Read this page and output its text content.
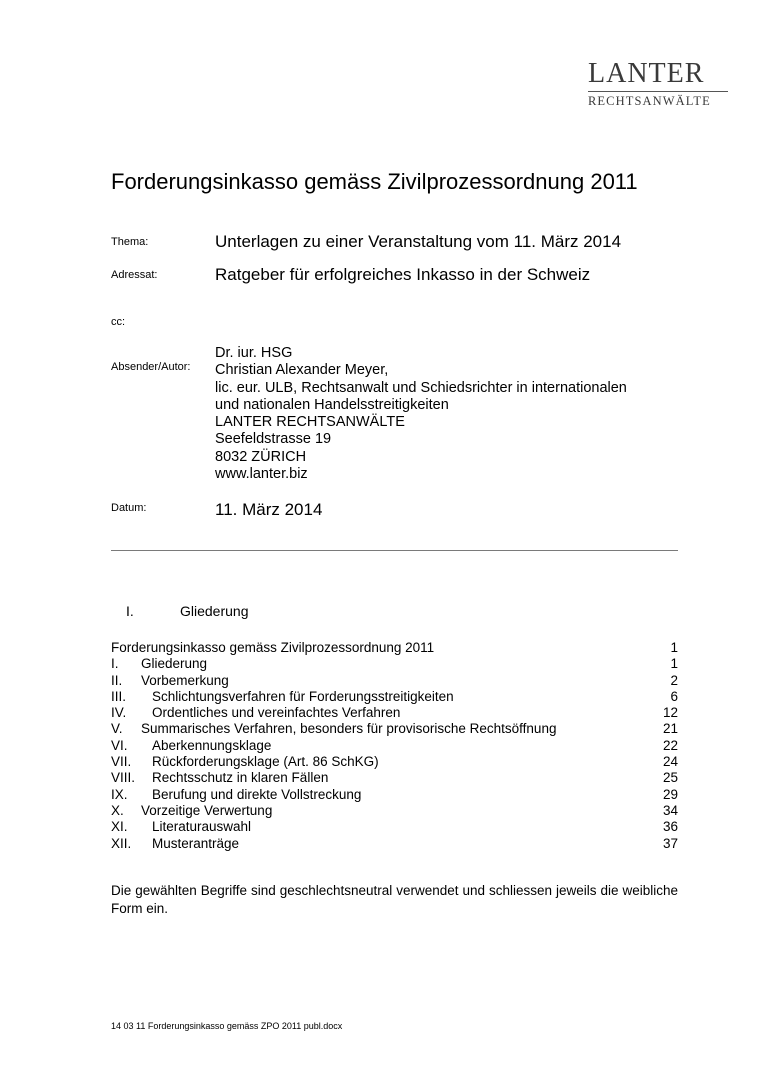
LANTER
RECHTSANWÄLTE
Forderungsinkasso gemäss Zivilprozessordnung 2011
Thema:	Unterlagen zu einer Veranstaltung vom 11. März 2014
Adressat:	Ratgeber für erfolgreiches Inkasso in der Schweiz
cc:
Absender/Autor:
Dr. iur. HSG
Christian Alexander Meyer,
lic. eur. ULB, Rechtsanwalt und Schiedsrichter in internationalen
und nationalen Handelsstreitigkeiten
LANTER RECHTSANWÄLTE
Seefeldstrasse 19
8032 ZÜRICH
www.lanter.biz
Datum:	11. März 2014
I.	Gliederung
Forderungsinkasso gemäss Zivilprozessordnung 2011	1
I. Gliederung	1
II. Vorbemerkung	2
III. Schlichtungsverfahren für Forderungsstreitigkeiten	6
IV. Ordentliches und vereinfachtes Verfahren	12
V. Summarisches Verfahren, besonders für provisorische Rechtsöffnung	21
VI. Aberkennungsklage	22
VII. Rückforderungsklage (Art. 86 SchKG)	24
VIII. Rechtsschutz in klaren Fällen	25
IX. Berufung und direkte Vollstreckung	29
X. Vorzeitige Verwertung	34
XI. Literaturauswahl	36
XII. Musteranträge	37
Die gewählten Begriffe sind geschlechtsneutral verwendet und schliessen jeweils die weibliche Form ein.
14 03 11 Forderungsinkasso gemäss ZPO 2011 publ.docx
